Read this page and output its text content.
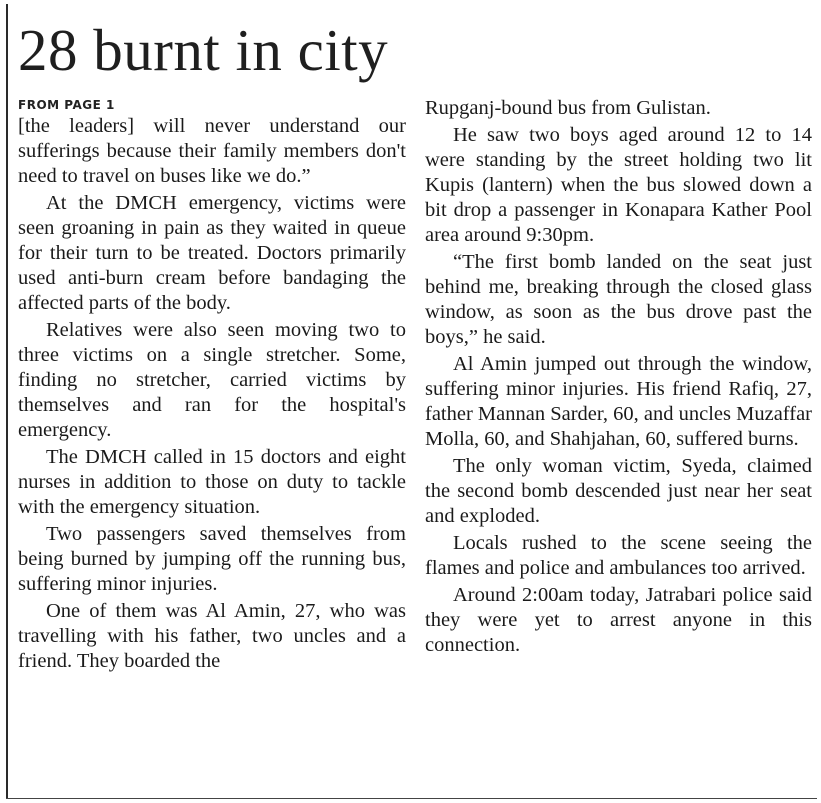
28 burnt in city

FROM PAGE 1

[the leaders] will never understand our sufferings because their family members don't need to travel on buses like we do.”

At the DMCH emergency, victims were seen groaning in pain as they waited in queue for their turn to be treated. Doctors primarily used anti-burn cream before bandaging the affected parts of the body.

Relatives were also seen moving two to three victims on a single stretcher. Some, finding no stretcher, carried victims by themselves and ran for the hospital's emergency.

The DMCH called in 15 doctors and eight nurses in addition to those on duty to tackle with the emergency situation.

Two passengers saved themselves from being burned by jumping off the running bus, suffering minor injuries.

One of them was Al Amin, 27, who was travelling with his father, two uncles and a friend. They boarded the

Rupganj-bound bus from Gulistan.

He saw two boys aged around 12 to 14 were standing by the street holding two lit Kupis (lantern) when the bus slowed down a bit drop a passenger in Konapara Kather Pool area around 9:30pm.

“The first bomb landed on the seat just behind me, breaking through the closed glass window, as soon as the bus drove past the boys,” he said.

Al Amin jumped out through the window, suffering minor injuries. His friend Rafiq, 27, father Mannan Sarder, 60, and uncles Muzaffar Molla, 60, and Shahjahan, 60, suffered burns.

The only woman victim, Syeda, claimed the second bomb descended just near her seat and exploded.

Locals rushed to the scene seeing the flames and police and ambulances too arrived.

Around 2:00am today, Jatrabari police said they were yet to arrest anyone in this connection.
